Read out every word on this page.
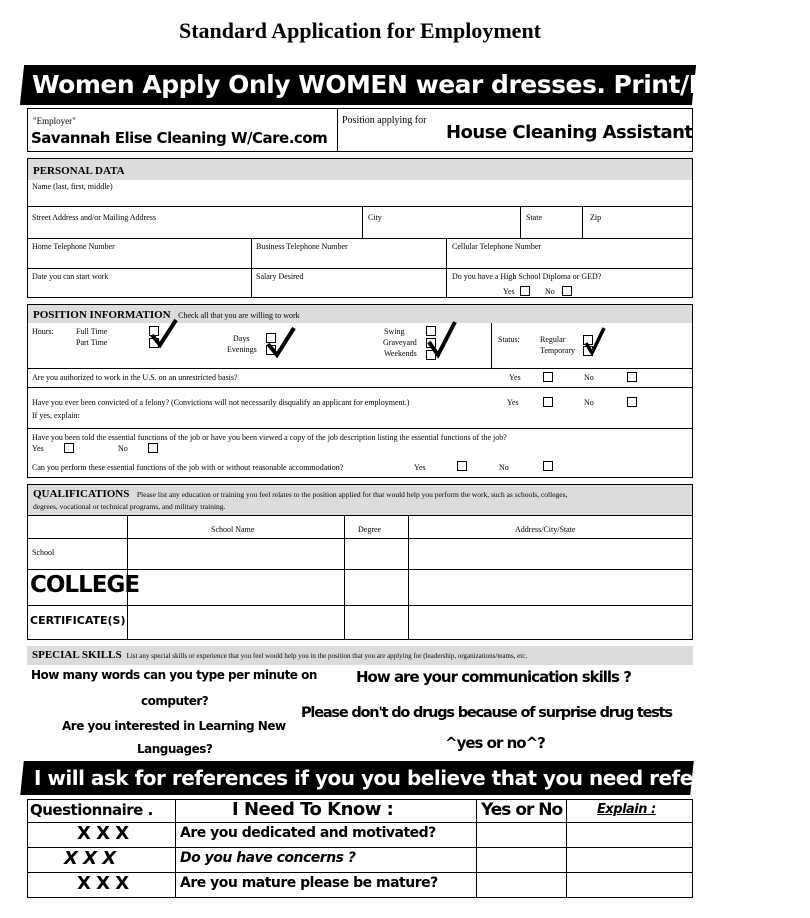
Standard Application for Employment
Women Apply Only WOMEN wear dresses. Print/Fill Out !
"Employer"
Savannah Elise Cleaning W/Care.com
Position applying for
House Cleaning Assistant
PERSONAL DATA
Name (last, first, middle)
Street Address and/or Mailing Address	City	State	Zip
Home Telephone Number	Business Telephone Number	Cellular Telephone Number
Date you can start work	Salary Desired	Do you have a High School Diploma or GED?
Yes	No
POSITION INFORMATION Check all that you are willing to work
Hours:	Full Time
Part Time	Days
Evenings
Swing
Graveyard
Weekends
Status:	Regular
Temporary
Are you authorized to work in the U.S. on an unrestricted basis?	Yes	No
Have you ever been convicted of a felony? (Convictions will not necessarily disqualify an applicant for employment.)	Yes	No
If yes, explain:
Have you been told the essential functions of the job or have you been viewed a copy of the job description listing the essential functions of the job?
Yes	No
Can you perform these essential functions of the job with or without reasonable accommodation?	Yes	No
QUALIFICATIONS Please list any education or training you feel relates to the position applied for that would help you perform the work, such as schools, colleges,
degrees, vocational or technical programs, and military training.
School Name	Degree	Address/City/State
School
COLLEGE
CERTIFICATE(S)
SPECIAL SKILLS List any special skills or experience that you feel would help you in the position that you are applying for (leadership, organizations/teams, etc.
How many words can you type per minute on
computer?
Are you interested in Learning New
Languages?
How are your communication skills ?
Please don't do drugs because of surprise drug tests
^yes or no^?
I will ask for references if you you believe that you need references.
Questionnaire .	I Need To Know :	Yes or No	Explain :
X X X	Are you dedicated and motivated?
X X X	Do you have concerns ?
X X X	Are you mature please be mature?
